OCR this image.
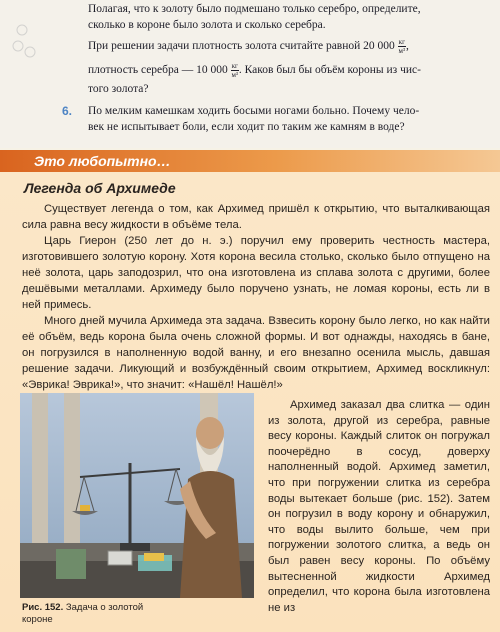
Полагая, что к золоту было подмешано только серебро, определите,
сколько в короне было золота и сколько серебра.
При решении задачи плотность золота считайте равной 20 $000 \frac{кг}{\text{м³}}$ ,
плотность серебра — 10 $000 \frac{кг}{\text{м³}}$ . Каков был бы объём короны из чис-
того золота?
6. По мелким камешкам ходить босыми ногами больно. Почему чело-
век не испытывает боли, если ходит по таким же камням в воде?
Это любопытно…
Легенда об Архимеде
Существует легенда о том, как Архимед пришёл к открытию, что выталкивающая сила равна весу жидкости в объёме тела.
Царь Гиерон (250 лет до н. э.) поручил ему проверить честность мастера, изготовившего золотую корону. Хотя корона весила столько, сколько было отпущено на неё золота, царь заподозрил, что она изготовлена из сплава золота с другими, более дешёвыми металлами. Архимеду было поручено узнать, не ломая короны, есть ли в ней примесь.
Много дней мучила Архимеда эта задача. Взвесить корону было легко, но как найти её объём, ведь корона была очень сложной формы. И вот однажды, находясь в бане, он погрузился в наполненную водой ванну, и его внезапно осенила мысль, давшая решение задачи. Ликующий и возбуждённый своим открытием, Архимед воскликнул: «Эврика! Эврика!», что значит: «Нашёл! Нашёл!»
Рис. 152. Задача о золотой короне
Архимед заказал два слитка — один из золота, другой из серебра, равные весу короны. Каждый слиток он погружал поочерёдно в сосуд, доверху наполненный водой. Архимед заметил, что при погружении слитка из серебра воды вытекает больше (рис. 152). Затем он погрузил в воду корону и обнаружил, что воды вылито больше, чем при погружении золотого слитка, а ведь он был равен весу короны. По объёму вытесненной жидкости Архимед определил, что корона была изготовлена не из
